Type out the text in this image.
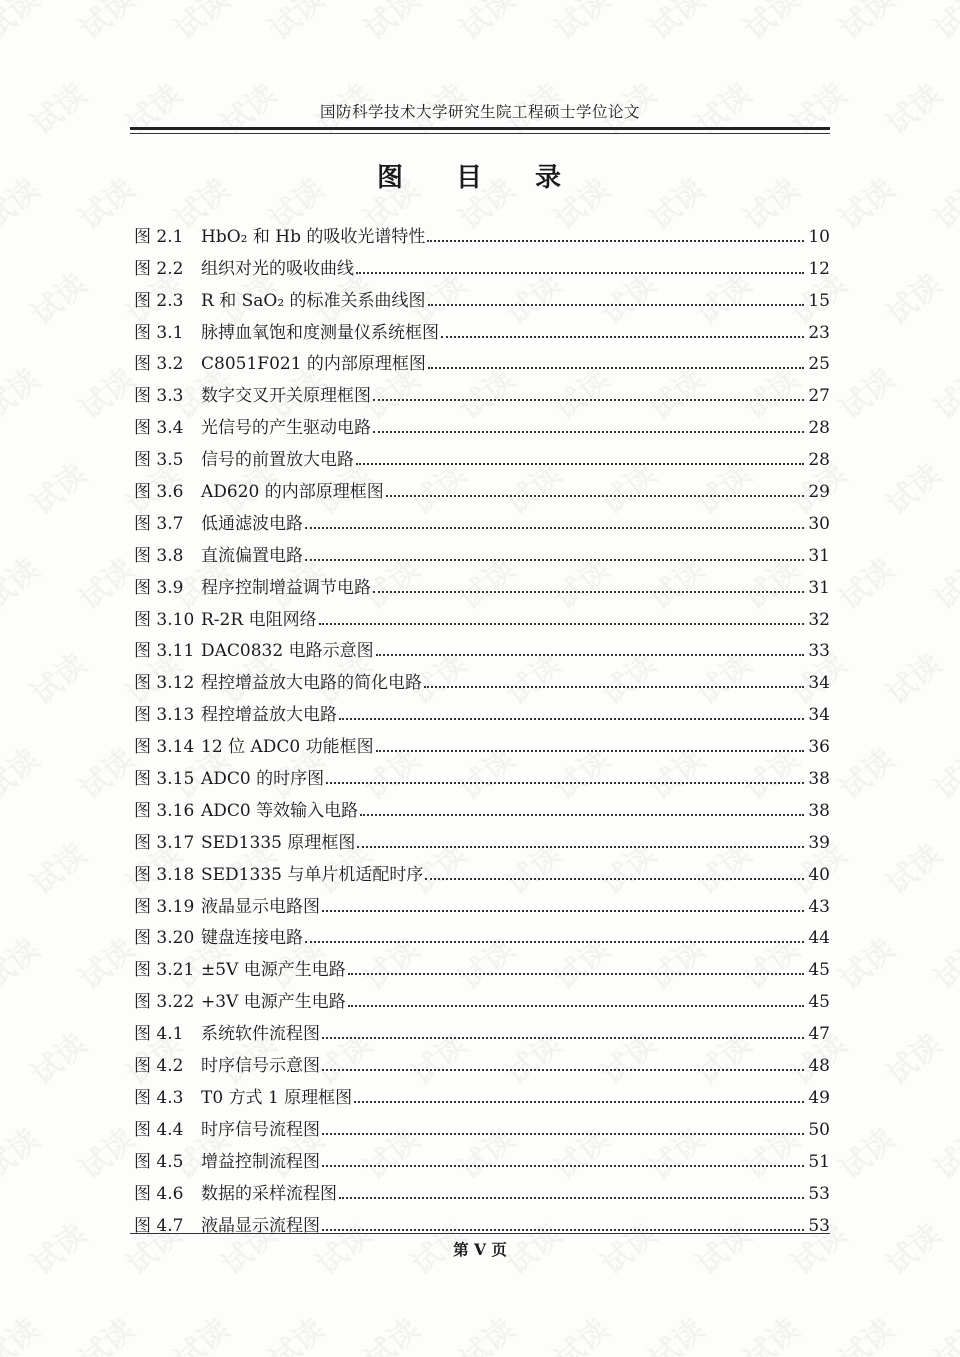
国防科学技术大学研究生院工程硕士学位论文
图 目 录
图 2.1	HbO₂ 和 Hb 的吸收光谱特性	10
图 2.2	组织对光的吸收曲线	12
图 2.3	R 和 SaO₂ 的标准关系曲线图	15
图 3.1	脉搏血氧饱和度测量仪系统框图	23
图 3.2	C8051F021 的内部原理框图	25
图 3.3	数字交叉开关原理框图	27
图 3.4	光信号的产生驱动电路	28
图 3.5	信号的前置放大电路	28
图 3.6	AD620 的内部原理框图	29
图 3.7	低通滤波电路	30
图 3.8	直流偏置电路	31
图 3.9	程序控制增益调节电路	31
图 3.10 R-2R 电阻网络	32
图 3.11 DAC0832 电路示意图	33
图 3.12 程控增益放大电路的简化电路	34
图 3.13 程控增益放大电路	34
图 3.14 12 位 ADC0 功能框图	36
图 3.15 ADC0 的时序图	38
图 3.16 ADC0 等效输入电路	38
图 3.17 SED1335 原理框图	39
图 3.18 SED1335 与单片机适配时序	40
图 3.19 液晶显示电路图	43
图 3.20 键盘连接电路	44
图 3.21 ±5V 电源产生电路	45
图 3.22 +3V 电源产生电路	45
图 4.1	系统软件流程图	47
图 4.2	时序信号示意图	48
图 4.3	T0 方式 1 原理框图	49
图 4.4	时序信号流程图	50
图 4.5	增益控制流程图	51
图 4.6	数据的采样流程图	53
图 4.7	液晶显示流程图	53
第 V 页
